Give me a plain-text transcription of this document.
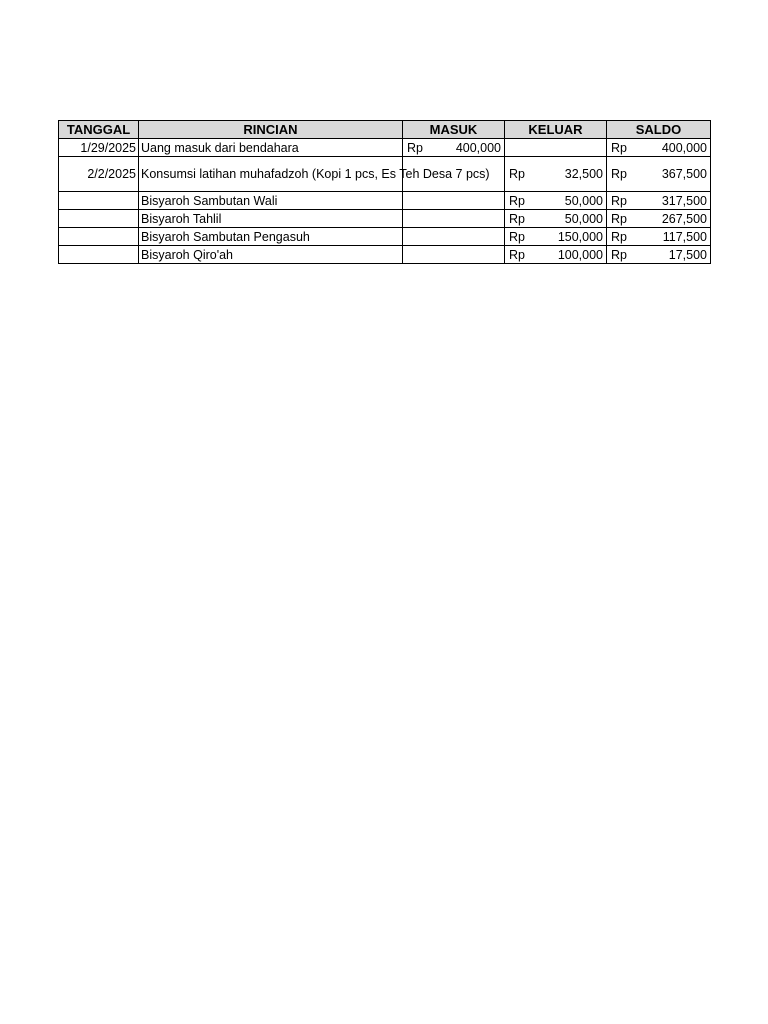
TANGGAL	RINCIAN	MASUK	KELUAR	SALDO
1/29/2025	Uang masuk dari bendahara	Rp 400,000		Rp 400,000

2/2/2025	Konsumsi latihan muhafadzoh (Kopi 1 pcs, Es Teh Desa 7 pcs)		Rp 32,500	Rp 367,500

	Bisyaroh Sambutan Wali		Rp 50,000	Rp 317,500

	Bisyaroh Tahlil		Rp 50,000	Rp 267,500

	Bisyaroh Sambutan Pengasuh		Rp 150,000	Rp 117,500

	Bisyaroh Qiro'ah		Rp 100,000	Rp 17,500
